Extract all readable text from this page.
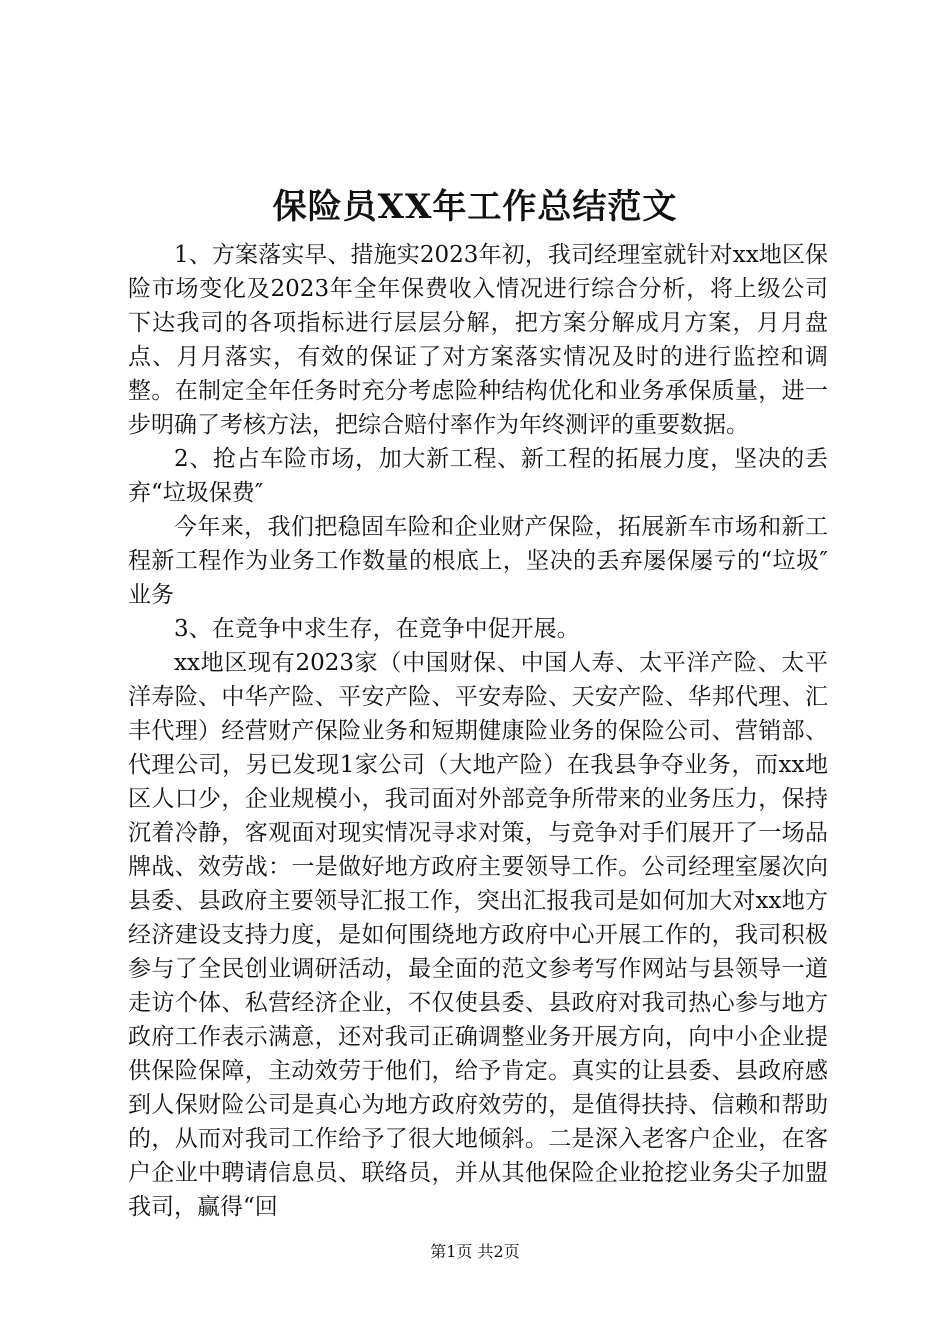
保险员XX年工作总结范文

1、方案落实早、措施实2023年初，我司经理室就针对xx地区保险市场变化及2023年全年保费收入情况进行综合分析，将上级公司下达我司的各项指标进行层层分解，把方案分解成月方案，月月盘点、月月落实，有效的保证了对方案落实情况及时的进行监控和调整。在制定全年任务时充分考虑险种结构优化和业务承保质量，进一步明确了考核方法，把综合赔付率作为年终测评的重要数据。

2、抢占车险市场，加大新工程、新工程的拓展力度，坚决的丢弃“垃圾保费″

今年来，我们把稳固车险和企业财产保险，拓展新车市场和新工程新工程作为业务工作数量的根底上，坚决的丢弃屡保屡亏的“垃圾″业务

3、在竞争中求生存，在竞争中促开展。

xx地区现有2023家（中国财保、中国人寿、太平洋产险、太平洋寿险、中华产险、平安产险、平安寿险、天安产险、华邦代理、汇丰代理）经营财产保险业务和短期健康险业务的保险公司、营销部、代理公司，另已发现1家公司（大地产险）在我县争夺业务，而xx地区人口少，企业规模小，我司面对外部竞争所带来的业务压力，保持沉着冷静，客观面对现实情况寻求对策，与竞争对手们展开了一场品牌战、效劳战：一是做好地方政府主要领导工作。公司经理室屡次向县委、县政府主要领导汇报工作，突出汇报我司是如何加大对xx地方经济建设支持力度，是如何围绕地方政府中心开展工作的，我司积极参与了全民创业调研活动，最全面的范文参考写作网站与县领导一道走访个体、私营经济企业，不仅使县委、县政府对我司热心参与地方政府工作表示满意，还对我司正确调整业务开展方向，向中小企业提供保险保障，主动效劳于他们，给予肯定。真实的让县委、县政府感到人保财险公司是真心为地方政府效劳的，是值得扶持、信赖和帮助的，从而对我司工作给予了很大地倾斜。二是深入老客户企业，在客户企业中聘请信息员、联络员，并从其他保险企业抢挖业务尖子加盟我司，赢得“回

第1页 共2页
